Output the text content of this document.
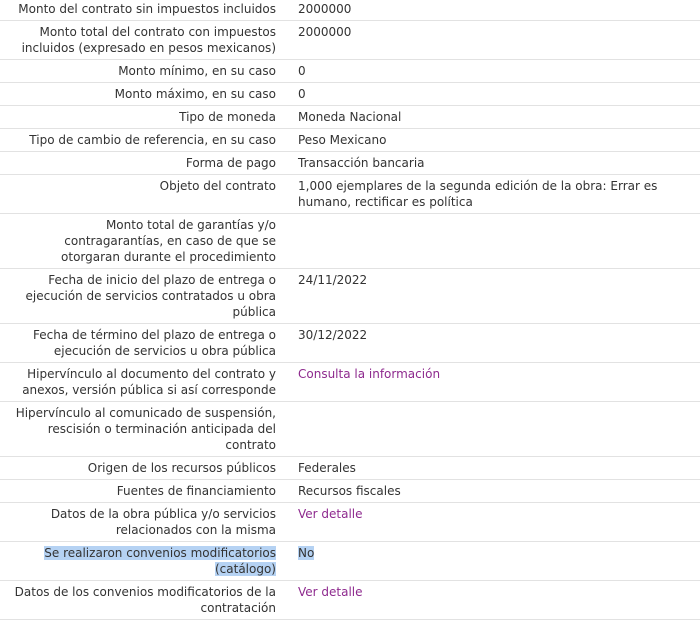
Monto del contrato sin impuestos incluidos	2000000
Monto total del contrato con impuestos incluidos (expresado en pesos mexicanos)	2000000
Monto mínimo, en su caso	0
Monto máximo, en su caso	0
Tipo de moneda	Moneda Nacional
Tipo de cambio de referencia, en su caso	Peso Mexicano
Forma de pago	Transacción bancaria
Objeto del contrato	1,000 ejemplares de la segunda edición de la obra: Errar es humano, rectificar es política
Monto total de garantías y/o contragarantías, en caso de que se otorgaran durante el procedimiento	
Fecha de inicio del plazo de entrega o ejecución de servicios contratados u obra pública	24/11/2022
Fecha de término del plazo de entrega o ejecución de servicios u obra pública	30/12/2022
Hipervínculo al documento del contrato y anexos, versión pública si así corresponde	Consulta la información
Hipervínculo al comunicado de suspensión, rescisión o terminación anticipada del contrato	
Origen de los recursos públicos	Federales
Fuentes de financiamiento	Recursos fiscales
Datos de la obra pública y/o servicios relacionados con la misma	Ver detalle
Se realizaron convenios modificatorios (catálogo)	No
Datos de los convenios modificatorios de la contratación	Ver detalle
